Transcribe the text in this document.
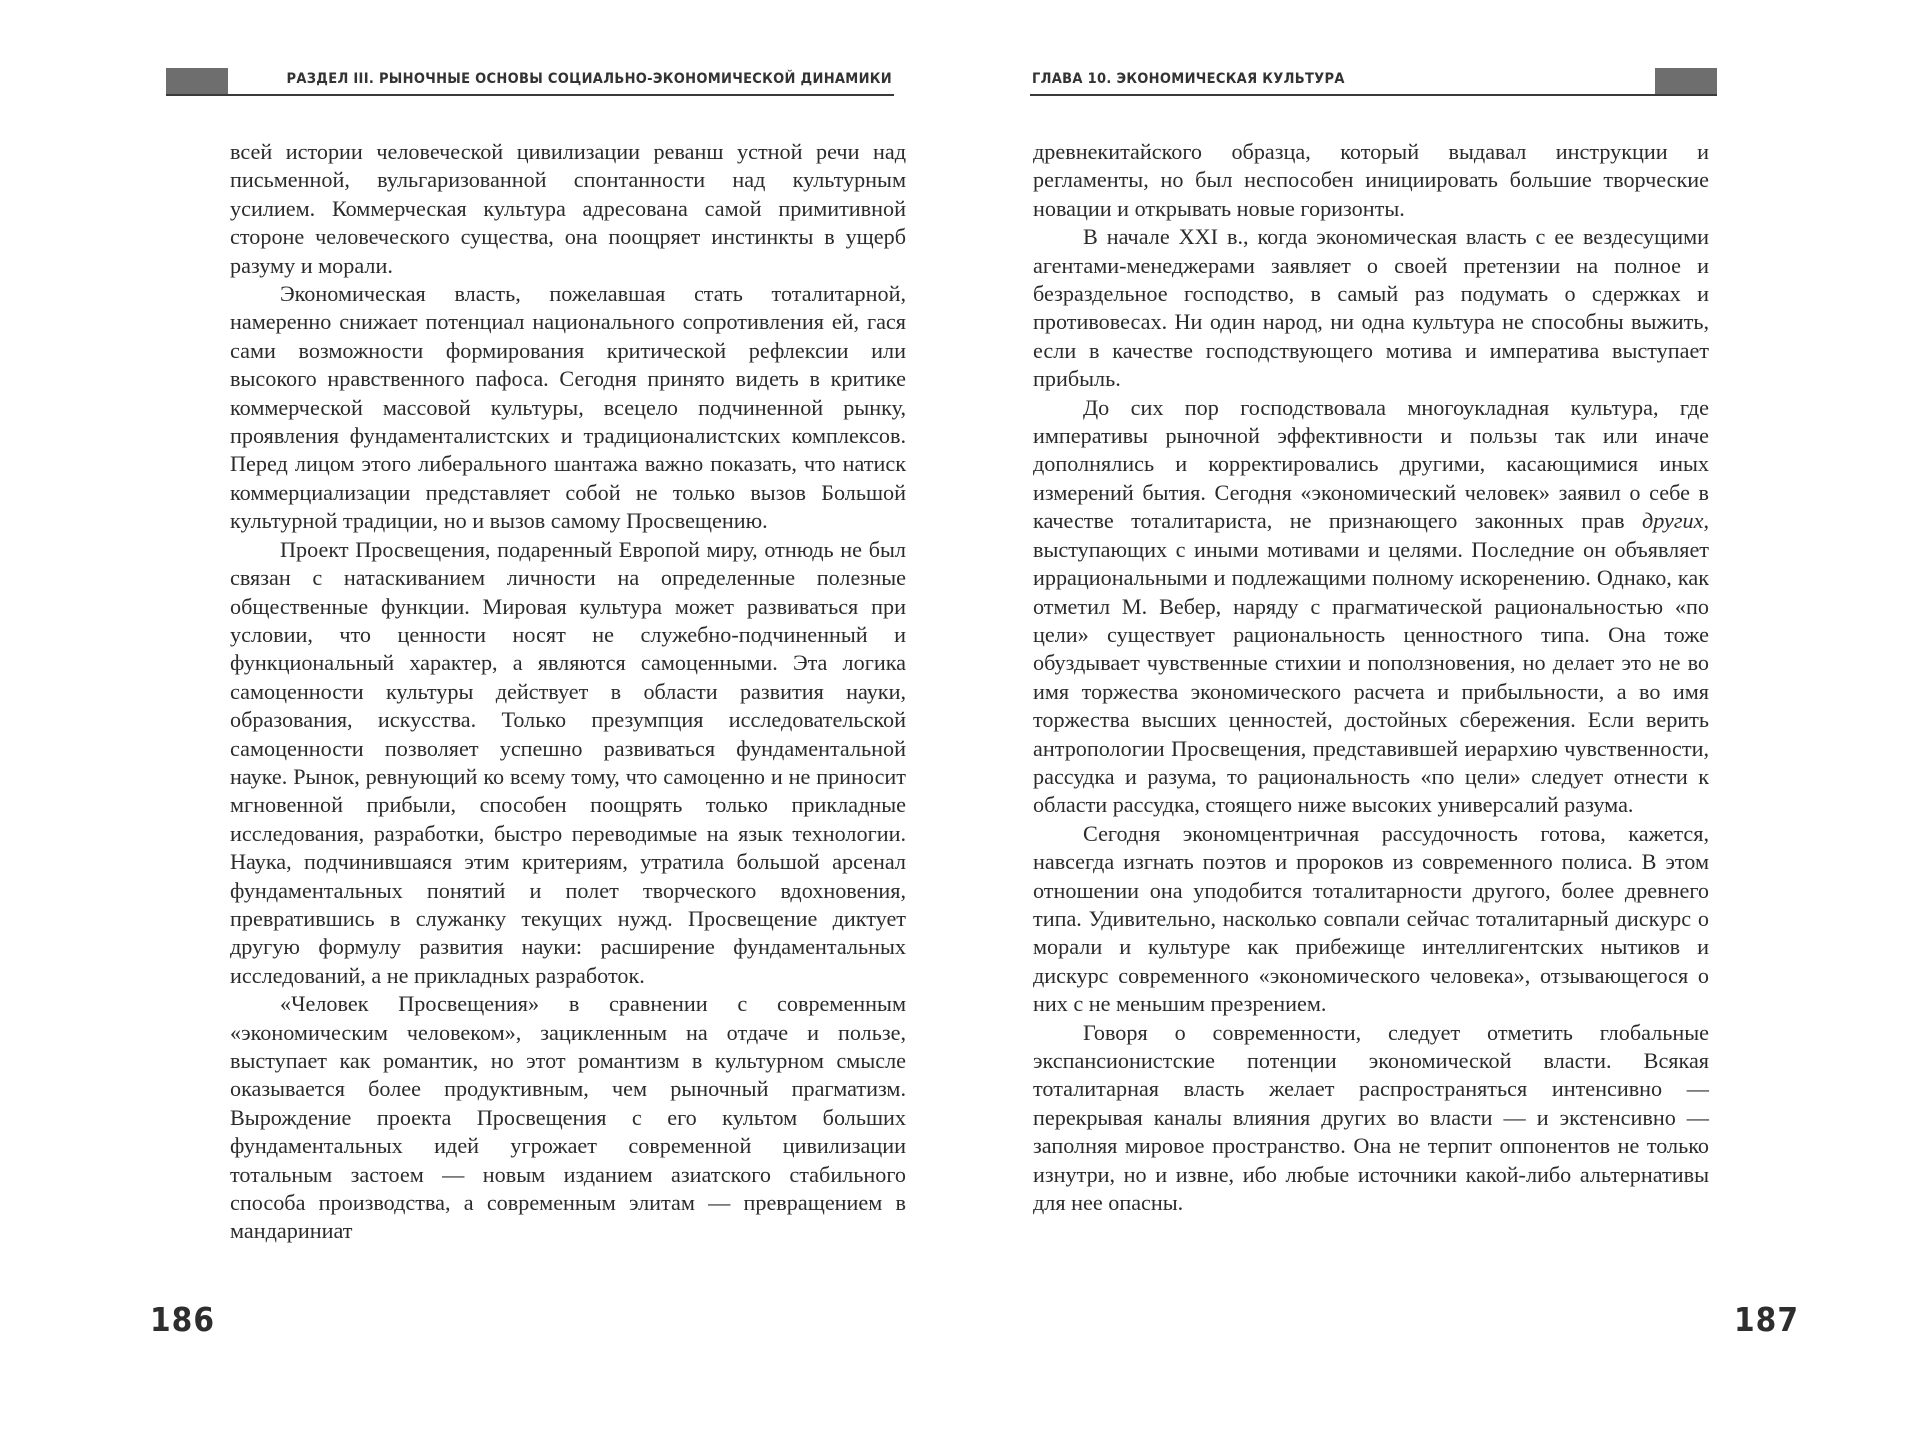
РАЗДЕЛ III. РЫНОЧНЫЕ ОСНОВЫ СОЦИАЛЬНО-ЭКОНОМИЧЕСКОЙ ДИНАМИКИ

всей истории человеческой цивилизации реванш устной речи над письменной, вульгаризованной спонтанности над культурным усилием. Коммерческая культура адресована самой примитивной стороне человеческого существа, она поощряет инстинкты в ущерб разуму и морали.

Экономическая власть, пожелавшая стать тоталитарной, намеренно снижает потенциал национального сопротивления ей, гася сами возможности формирования критической рефлексии или высокого нравственного пафоса. Сегодня принято видеть в критике коммерческой массовой культуры, всецело подчиненной рынку, проявления фундаменталистских и традиционалистских комплексов. Перед лицом этого либерального шантажа важно показать, что натиск коммерциализации представляет собой не только вызов Большой культурной традиции, но и вызов самому Просвещению.

Проект Просвещения, подаренный Европой миру, отнюдь не был связан с натаскиванием личности на определенные полезные общественные функции. Мировая культура может развиваться при условии, что ценности носят не служебно-подчиненный и функциональный характер, а являются самоценными. Эта логика самоценности культуры действует в области развития науки, образования, искусства. Только презумпция исследовательской самоценности позволяет успешно развиваться фундаментальной науке. Рынок, ревнующий ко всему тому, что самоценно и не приносит мгновенной прибыли, способен поощрять только прикладные исследования, разработки, быстро переводимые на язык технологии. Наука, подчинившаяся этим критериям, утратила большой арсенал фундаментальных понятий и полет творческого вдохновения, превратившись в служанку текущих нужд. Просвещение диктует другую формулу развития науки: расширение фундаментальных исследований, а не прикладных разработок.

«Человек Просвещения» в сравнении с современным «экономическим человеком», зацикленным на отдаче и пользе, выступает как романтик, но этот романтизм в культурном смысле оказывается более продуктивным, чем рыночный прагматизм. Вырождение проекта Просвещения с его культом больших фундаментальных идей угрожает современной цивилизации тотальным застоем — новым изданием азиатского стабильного способа производства, а современным элитам — превращением в мандариниат

186
ГЛАВА 10. ЭКОНОМИЧЕСКАЯ КУЛЬТУРА

древнекитайского образца, который выдавал инструкции и регламенты, но был неспособен инициировать большие творческие новации и открывать новые горизонты.

В начале XXI в., когда экономическая власть с ее вездесущими агентами-менеджерами заявляет о своей претензии на полное и безраздельное господство, в самый раз подумать о сдержках и противовесах. Ни один народ, ни одна культура не способны выжить, если в качестве господствующего мотива и императива выступает прибыль.

До сих пор господствовала многоукладная культура, где императивы рыночной эффективности и пользы так или иначе дополнялись и корректировались другими, касающимися иных измерений бытия. Сегодня «экономический человек» заявил о себе в качестве тоталитариста, не признающего законных прав других, выступающих с иными мотивами и целями. Последние он объявляет иррациональными и подлежащими полному искоренению. Однако, как отметил М. Вебер, наряду с прагматической рациональностью «по цели» существует рациональность ценностного типа. Она тоже обуздывает чувственные стихии и поползновения, но делает это не во имя торжества экономического расчета и прибыльности, а во имя торжества высших ценностей, достойных сбережения. Если верить антропологии Просвещения, представившей иерархию чувственности, рассудка и разума, то рациональность «по цели» следует отнести к области рассудка, стоящего ниже высоких универсалий разума.

Сегодня экономцентричная рассудочность готова, кажется, навсегда изгнать поэтов и пророков из современного полиса. В этом отношении она уподобится тоталитарности другого, более древнего типа. Удивительно, насколько совпали сейчас тоталитарный дискурс о морали и культуре как прибежище интеллигентских нытиков и дискурс современного «экономического человека», отзывающегося о них с не меньшим презрением.

Говоря о современности, следует отметить глобальные экспансионистские потенции экономической власти. Всякая тоталитарная власть желает распространяться интенсивно — перекрывая каналы влияния других во власти — и экстенсивно — заполняя мировое пространство. Она не терпит оппонентов не только изнутри, но и извне, ибо любые источники какой-либо альтернативы для нее опасны.

187
